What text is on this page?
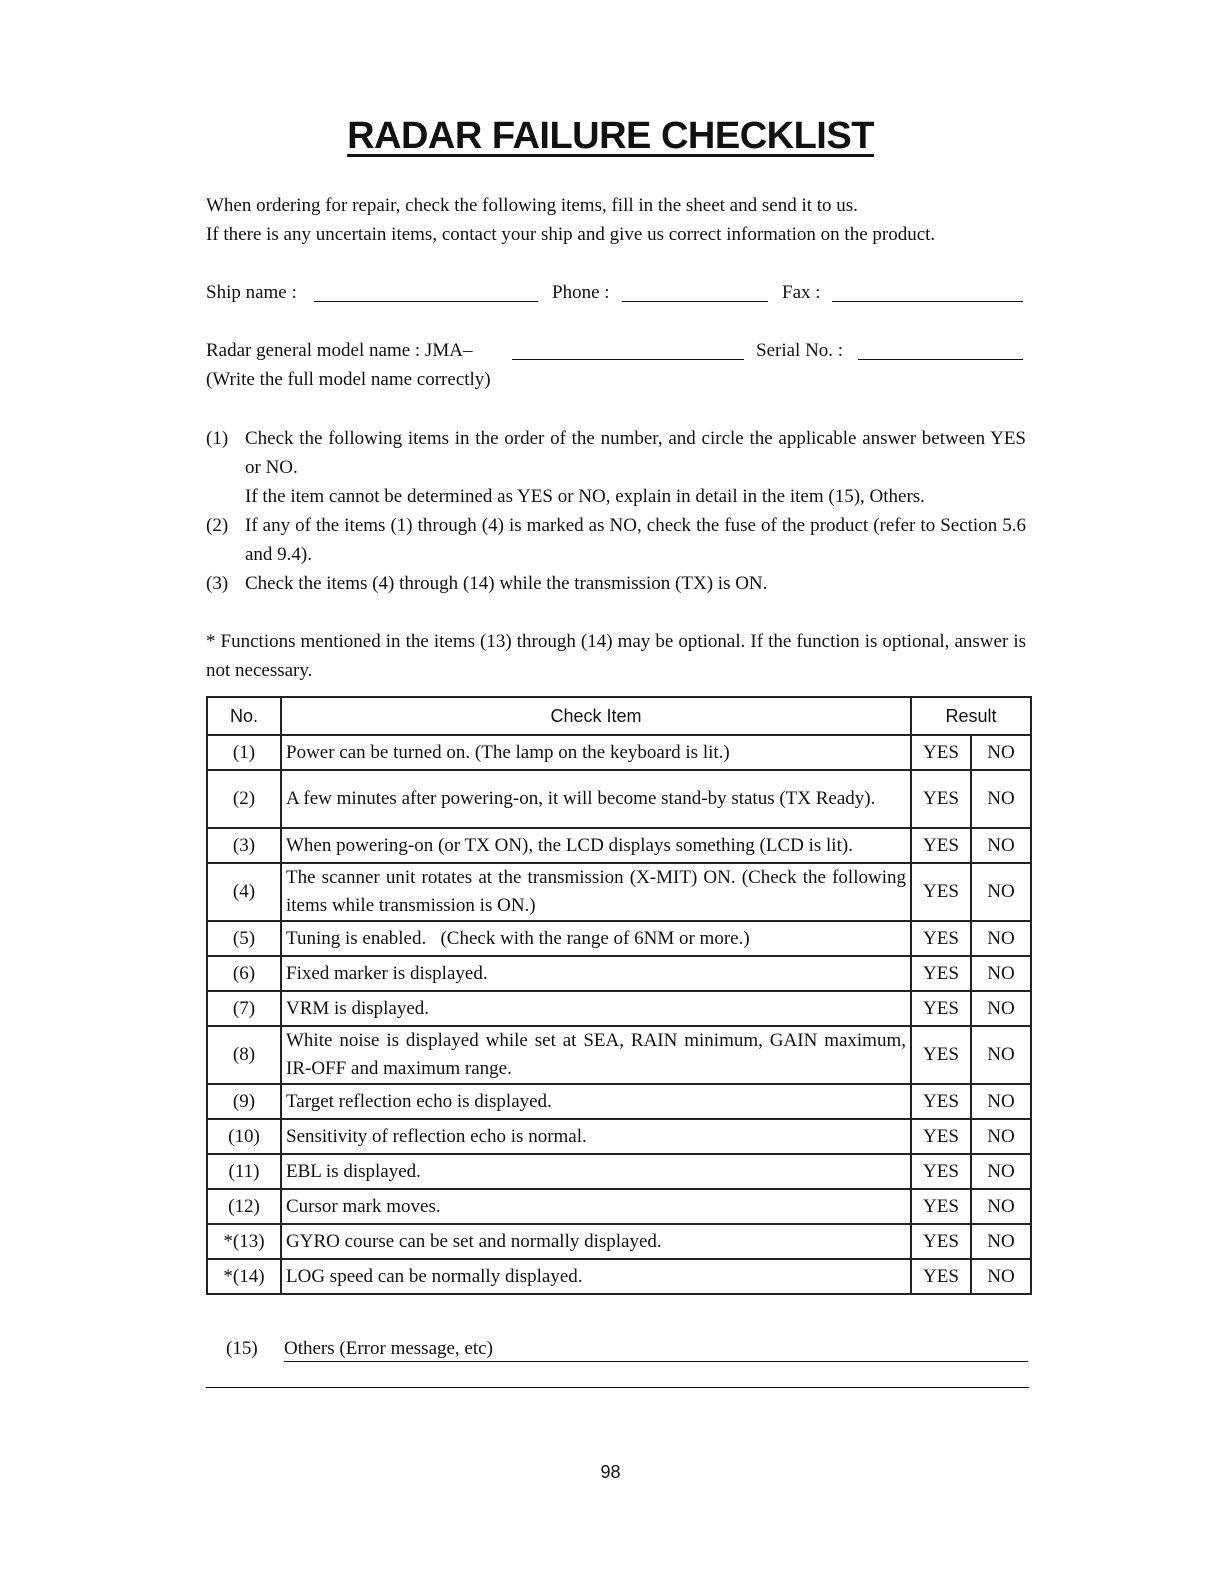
RADAR FAILURE CHECKLIST
When ordering for repair, check the following items, fill in the sheet and send it to us.
If there is any uncertain items, contact your ship and give us correct information on the product.
Ship name :	Phone :	Fax :
Radar general model name : JMA–	Serial No. :
(Write the full model name correctly)
(1) Check the following items in the order of the number, and circle the applicable answer between YES or NO.
If the item cannot be determined as YES or NO, explain in detail in the item (15), Others.
(2) If any of the items (1) through (4) is marked as NO, check the fuse of the product (refer to Section 5.6 and 9.4).
(3) Check the items (4) through (14) while the transmission (TX) is ON.
* Functions mentioned in the items (13) through (14) may be optional. If the function is optional, answer is not necessary.
No.	Check Item	Result	
(1)	Power can be turned on. (The lamp on the keyboard is lit.)	YES	NO
(2)	A few minutes after powering-on, it will become stand-by status (TX Ready).	YES	NO
(3)	When powering-on (or TX ON), the LCD displays something (LCD is lit).	YES	NO
(4)	The scanner unit rotates at the transmission (X-MIT) ON. (Check the following items while transmission is ON.)	YES	NO
(5)	Tuning is enabled.   (Check with the range of 6NM or more.)	YES	NO
(6)	Fixed marker is displayed.	YES	NO
(7)	VRM is displayed.	YES	NO
(8)	White noise is displayed while set at SEA, RAIN minimum, GAIN maximum, IR-OFF and maximum range.	YES	NO
(9)	Target reflection echo is displayed.	YES	NO
(10)	Sensitivity of reflection echo is normal.	YES	NO
(11)	EBL is displayed.	YES	NO
(12)	Cursor mark moves.	YES	NO
*(13)	GYRO course can be set and normally displayed.	YES	NO
*(14)	LOG speed can be normally displayed.	YES	NO
(15) Others (Error message, etc)
98
